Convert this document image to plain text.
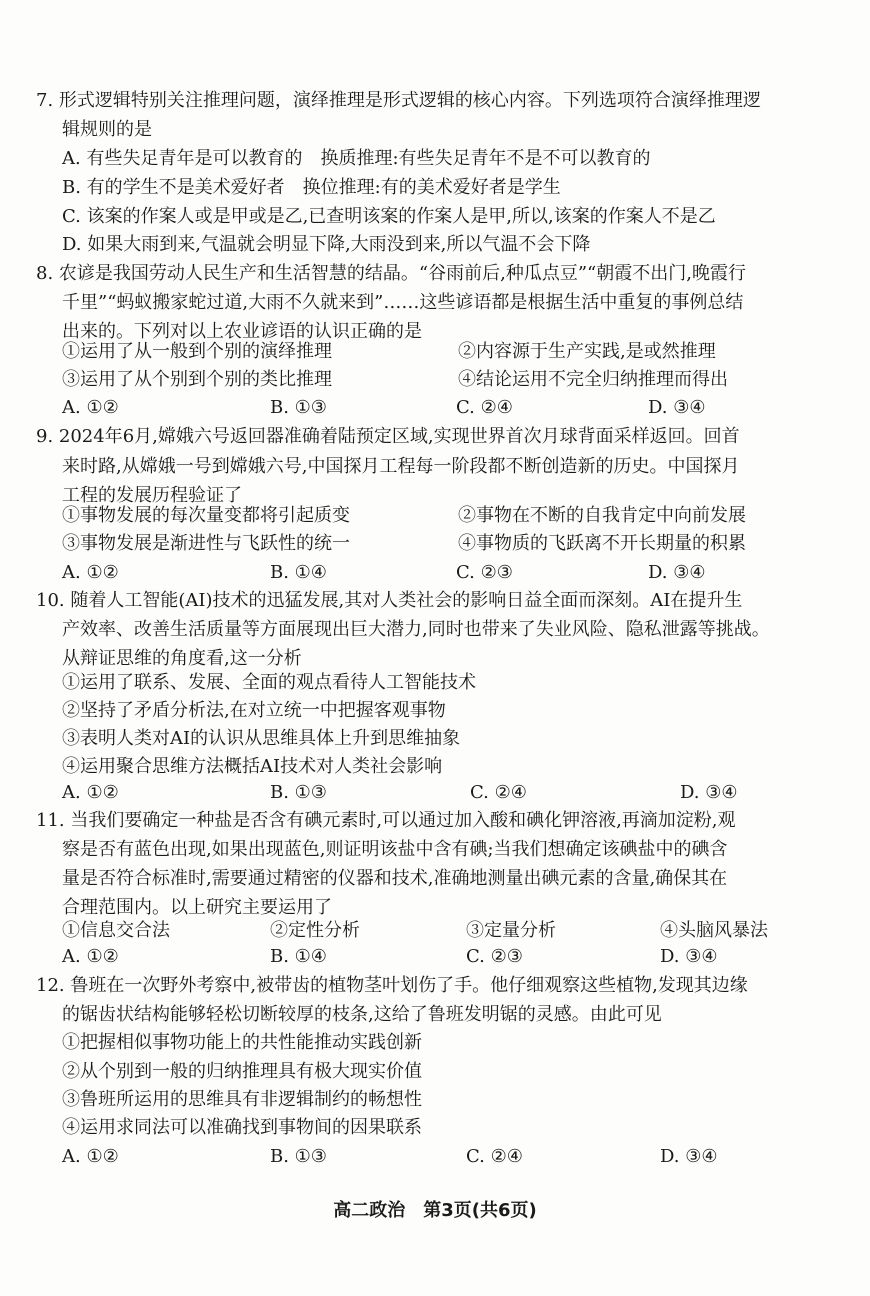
7. 形式逻辑特别关注推理问题，演绎推理是形式逻辑的核心内容。下列选项符合演绎推理逻
辑规则的是
A. 有些失足青年是可以教育的　换质推理:有些失足青年不是不可以教育的
B. 有的学生不是美术爱好者　换位推理:有的美术爱好者是学生
C. 该案的作案人或是甲或是乙,已查明该案的作案人是甲,所以,该案的作案人不是乙
D. 如果大雨到来,气温就会明显下降,大雨没到来,所以气温不会下降
8. 农谚是我国劳动人民生产和生活智慧的结晶。“谷雨前后,种瓜点豆”“朝霞不出门,晚霞行
千里”“蚂蚁搬家蛇过道,大雨不久就来到”……这些谚语都是根据生活中重复的事例总结
出来的。下列对以上农业谚语的认识正确的是
①运用了从一般到个别的演绎推理	②内容源于生产实践,是或然推理
③运用了从个别到个别的类比推理	④结论运用不完全归纳推理而得出
A. ①②	B. ①③	C. ②④	D. ③④
9. 2024年6月,嫦娥六号返回器准确着陆预定区域,实现世界首次月球背面采样返回。回首
来时路,从嫦娥一号到嫦娥六号,中国探月工程每一阶段都不断创造新的历史。中国探月
工程的发展历程验证了
①事物发展的每次量变都将引起质变	②事物在不断的自我肯定中向前发展
③事物发展是渐进性与飞跃性的统一	④事物质的飞跃离不开长期量的积累
A. ①②	B. ①④	C. ②③	D. ③④
10. 随着人工智能(AI)技术的迅猛发展,其对人类社会的影响日益全面而深刻。AI在提升生
产效率、改善生活质量等方面展现出巨大潜力,同时也带来了失业风险、隐私泄露等挑战。
从辩证思维的角度看,这一分析
①运用了联系、发展、全面的观点看待人工智能技术
②坚持了矛盾分析法,在对立统一中把握客观事物
③表明人类对AI的认识从思维具体上升到思维抽象
④运用聚合思维方法概括AI技术对人类社会影响
A. ①②	B. ①③	C. ②④	D. ③④
11. 当我们要确定一种盐是否含有碘元素时,可以通过加入酸和碘化钾溶液,再滴加淀粉,观
察是否有蓝色出现,如果出现蓝色,则证明该盐中含有碘;当我们想确定该碘盐中的碘含
量是否符合标准时,需要通过精密的仪器和技术,准确地测量出碘元素的含量,确保其在
合理范围内。以上研究主要运用了
①信息交合法	②定性分析	③定量分析	④头脑风暴法
A. ①②	B. ①④	C. ②③	D. ③④
12. 鲁班在一次野外考察中,被带齿的植物茎叶划伤了手。他仔细观察这些植物,发现其边缘
的锯齿状结构能够轻松切断较厚的枝条,这给了鲁班发明锯的灵感。由此可见
①把握相似事物功能上的共性能推动实践创新
②从个别到一般的归纳推理具有极大现实价值
③鲁班所运用的思维具有非逻辑制约的畅想性
④运用求同法可以准确找到事物间的因果联系
A. ①②	B. ①③	C. ②④	D. ③④
高二政治　第3页(共6页)
